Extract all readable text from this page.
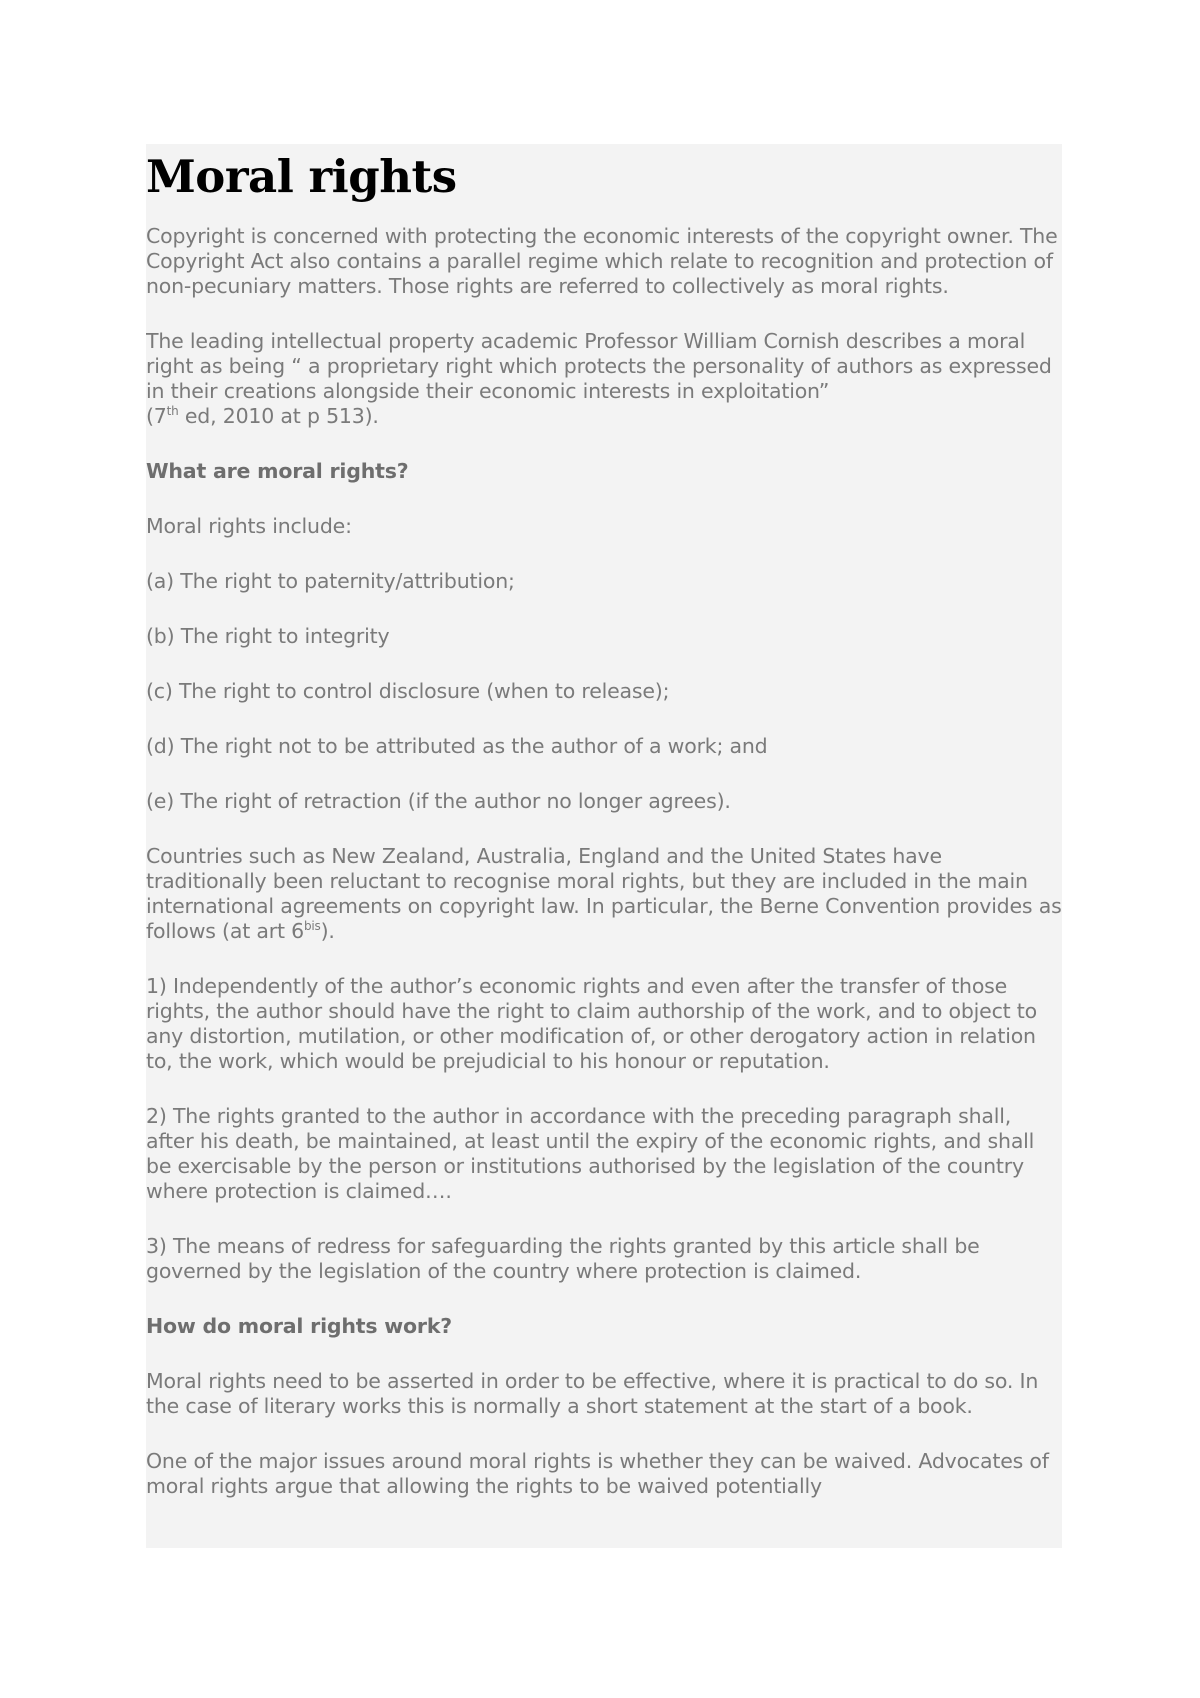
Moral rights
Copyright is concerned with protecting the economic interests of the copyright owner. The Copyright Act also contains a parallel regime which relate to recognition and protection of non-pecuniary matters. Those rights are referred to collectively as moral rights.
The leading intellectual property academic Professor William Cornish describes a moral right as being “ a proprietary right which protects the personality of authors as expressed in their creations alongside their economic interests in exploitation”
(7th ed, 2010 at p 513).
What are moral rights?
Moral rights include:
(a) The right to paternity/attribution;
(b) The right to integrity
(c) The right to control disclosure (when to release);
(d) The right not to be attributed as the author of a work; and
(e) The right of retraction (if the author no longer agrees).
Countries such as New Zealand, Australia, England and the United States have traditionally been reluctant to recognise moral rights, but they are included in the main international agreements on copyright law. In particular, the Berne Convention provides as follows (at art $6^{bis}$).
1) Independently of the author’s economic rights and even after the transfer of those rights, the author should have the right to claim authorship of the work, and to object to any distortion, mutilation, or other modification of, or other derogatory action in relation to, the work, which would be prejudicial to his honour or reputation.
2) The rights granted to the author in accordance with the preceding paragraph shall, after his death, be maintained, at least until the expiry of the economic rights, and shall be exercisable by the person or institutions authorised by the legislation of the country where protection is claimed….
3) The means of redress for safeguarding the rights granted by this article shall be governed by the legislation of the country where protection is claimed.
How do moral rights work?
Moral rights need to be asserted in order to be effective, where it is practical to do so. In the case of literary works this is normally a short statement at the start of a book.
One of the major issues around moral rights is whether they can be waived. Advocates of moral rights argue that allowing the rights to be waived potentially
